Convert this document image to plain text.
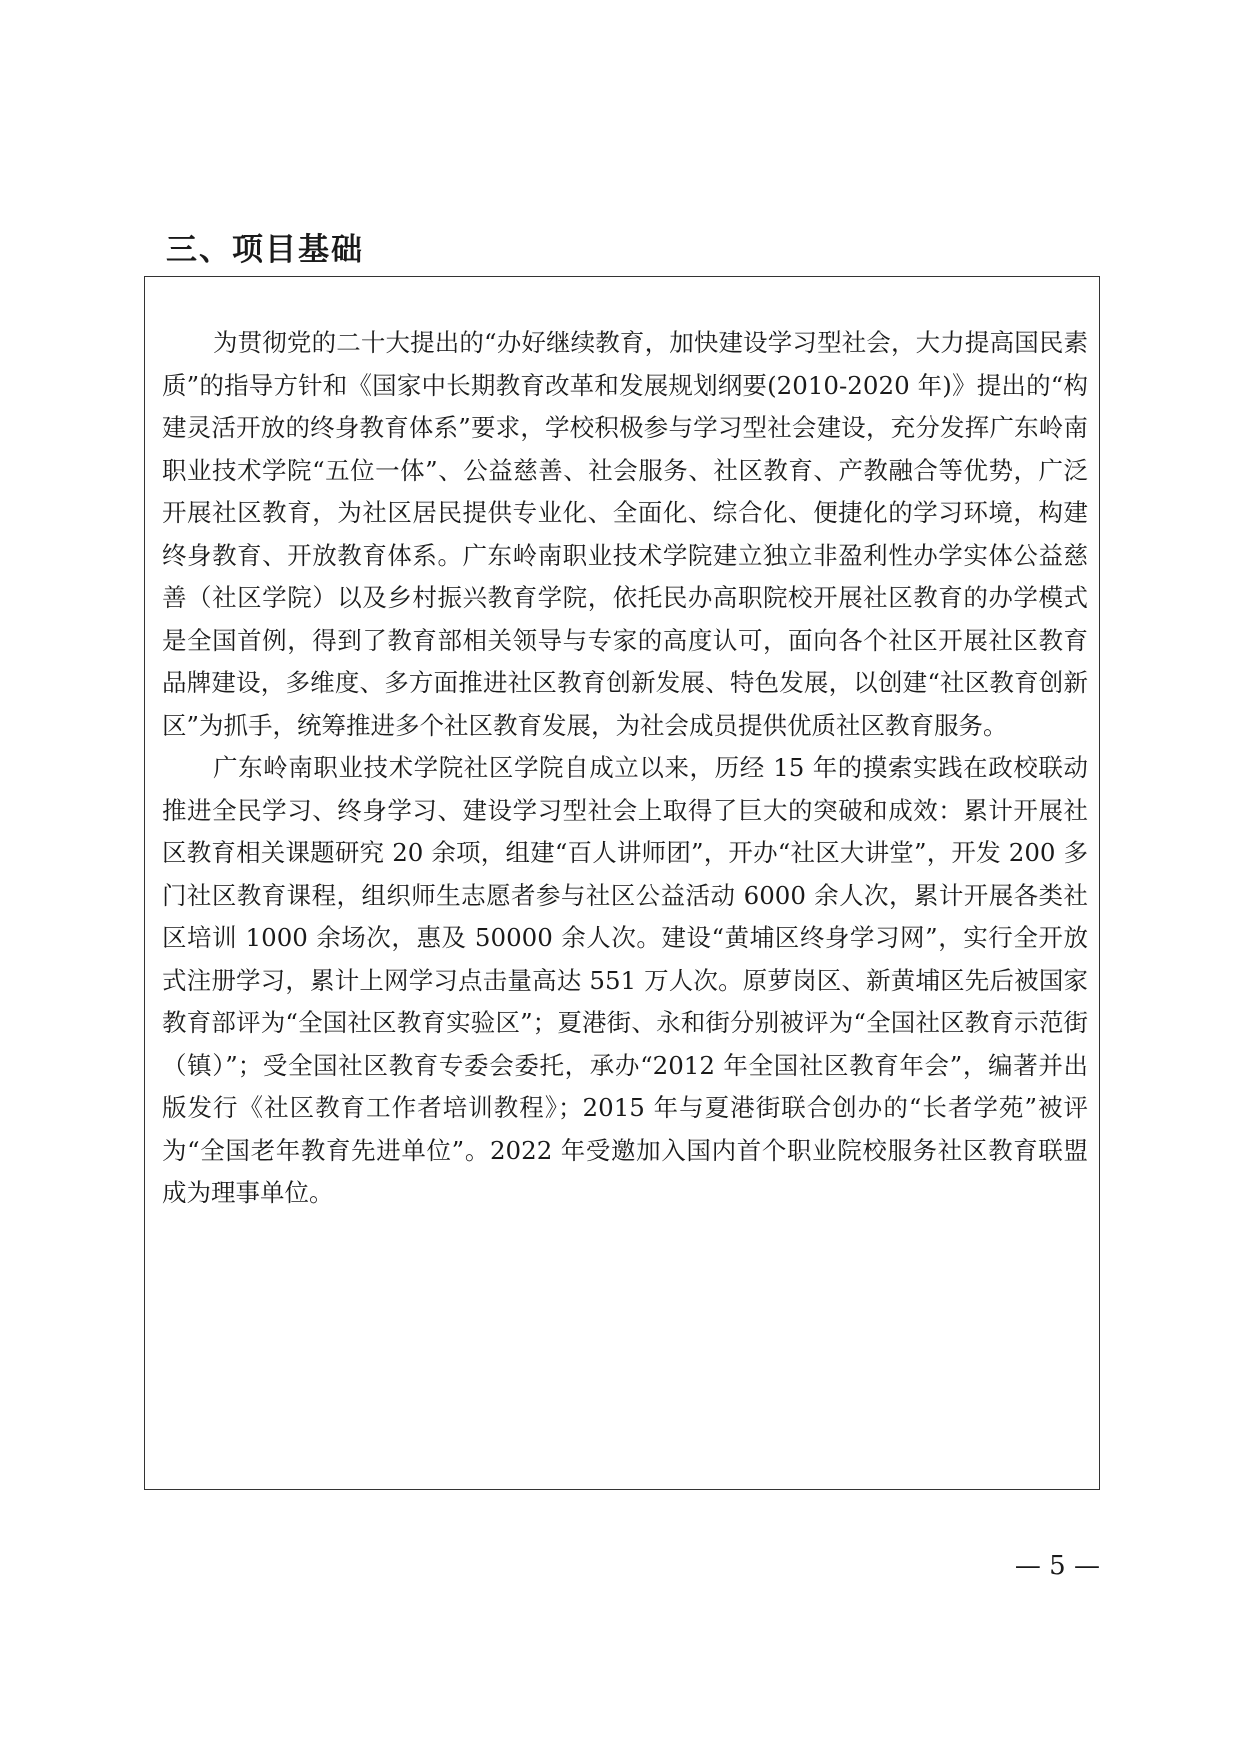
三、项目基础

为贯彻党的二十大提出的“办好继续教育，加快建设学习型社会，大力提高国民素质”的指导方针和《国家中长期教育改革和发展规划纲要(2010-2020 年)》提出的“构建灵活开放的终身教育体系”要求，学校积极参与学习型社会建设，充分发挥广东岭南职业技术学院“五位一体”、公益慈善、社会服务、社区教育、产教融合等优势，广泛开展社区教育，为社区居民提供专业化、全面化、综合化、便捷化的学习环境，构建终身教育、开放教育体系。广东岭南职业技术学院建立独立非盈利性办学实体公益慈善（社区学院）以及乡村振兴教育学院，依托民办高职院校开展社区教育的办学模式是全国首例，得到了教育部相关领导与专家的高度认可，面向各个社区开展社区教育品牌建设，多维度、多方面推进社区教育创新发展、特色发展，以创建“社区教育创新区”为抓手，统筹推进多个社区教育发展，为社会成员提供优质社区教育服务。

广东岭南职业技术学院社区学院自成立以来，历经 15 年的摸索实践在政校联动推进全民学习、终身学习、建设学习型社会上取得了巨大的突破和成效：累计开展社区教育相关课题研究 20 余项，组建“百人讲师团”，开办“社区大讲堂”，开发 200 多门社区教育课程，组织师生志愿者参与社区公益活动 6000 余人次，累计开展各类社区培训 1000 余场次，惠及 50000 余人次。建设“黄埔区终身学习网”，实行全开放式注册学习，累计上网学习点击量高达 551 万人次。原萝岗区、新黄埔区先后被国家教育部评为“全国社区教育实验区”；夏港街、永和街分别被评为“全国社区教育示范街（镇）”；受全国社区教育专委会委托，承办“2012 年全国社区教育年会”，编著并出版发行《社区教育工作者培训教程》；2015 年与夏港街联合创办的“长者学苑”被评为“全国老年教育先进单位”。2022 年受邀加入国内首个职业院校服务社区教育联盟成为理事单位。

— 5 —
